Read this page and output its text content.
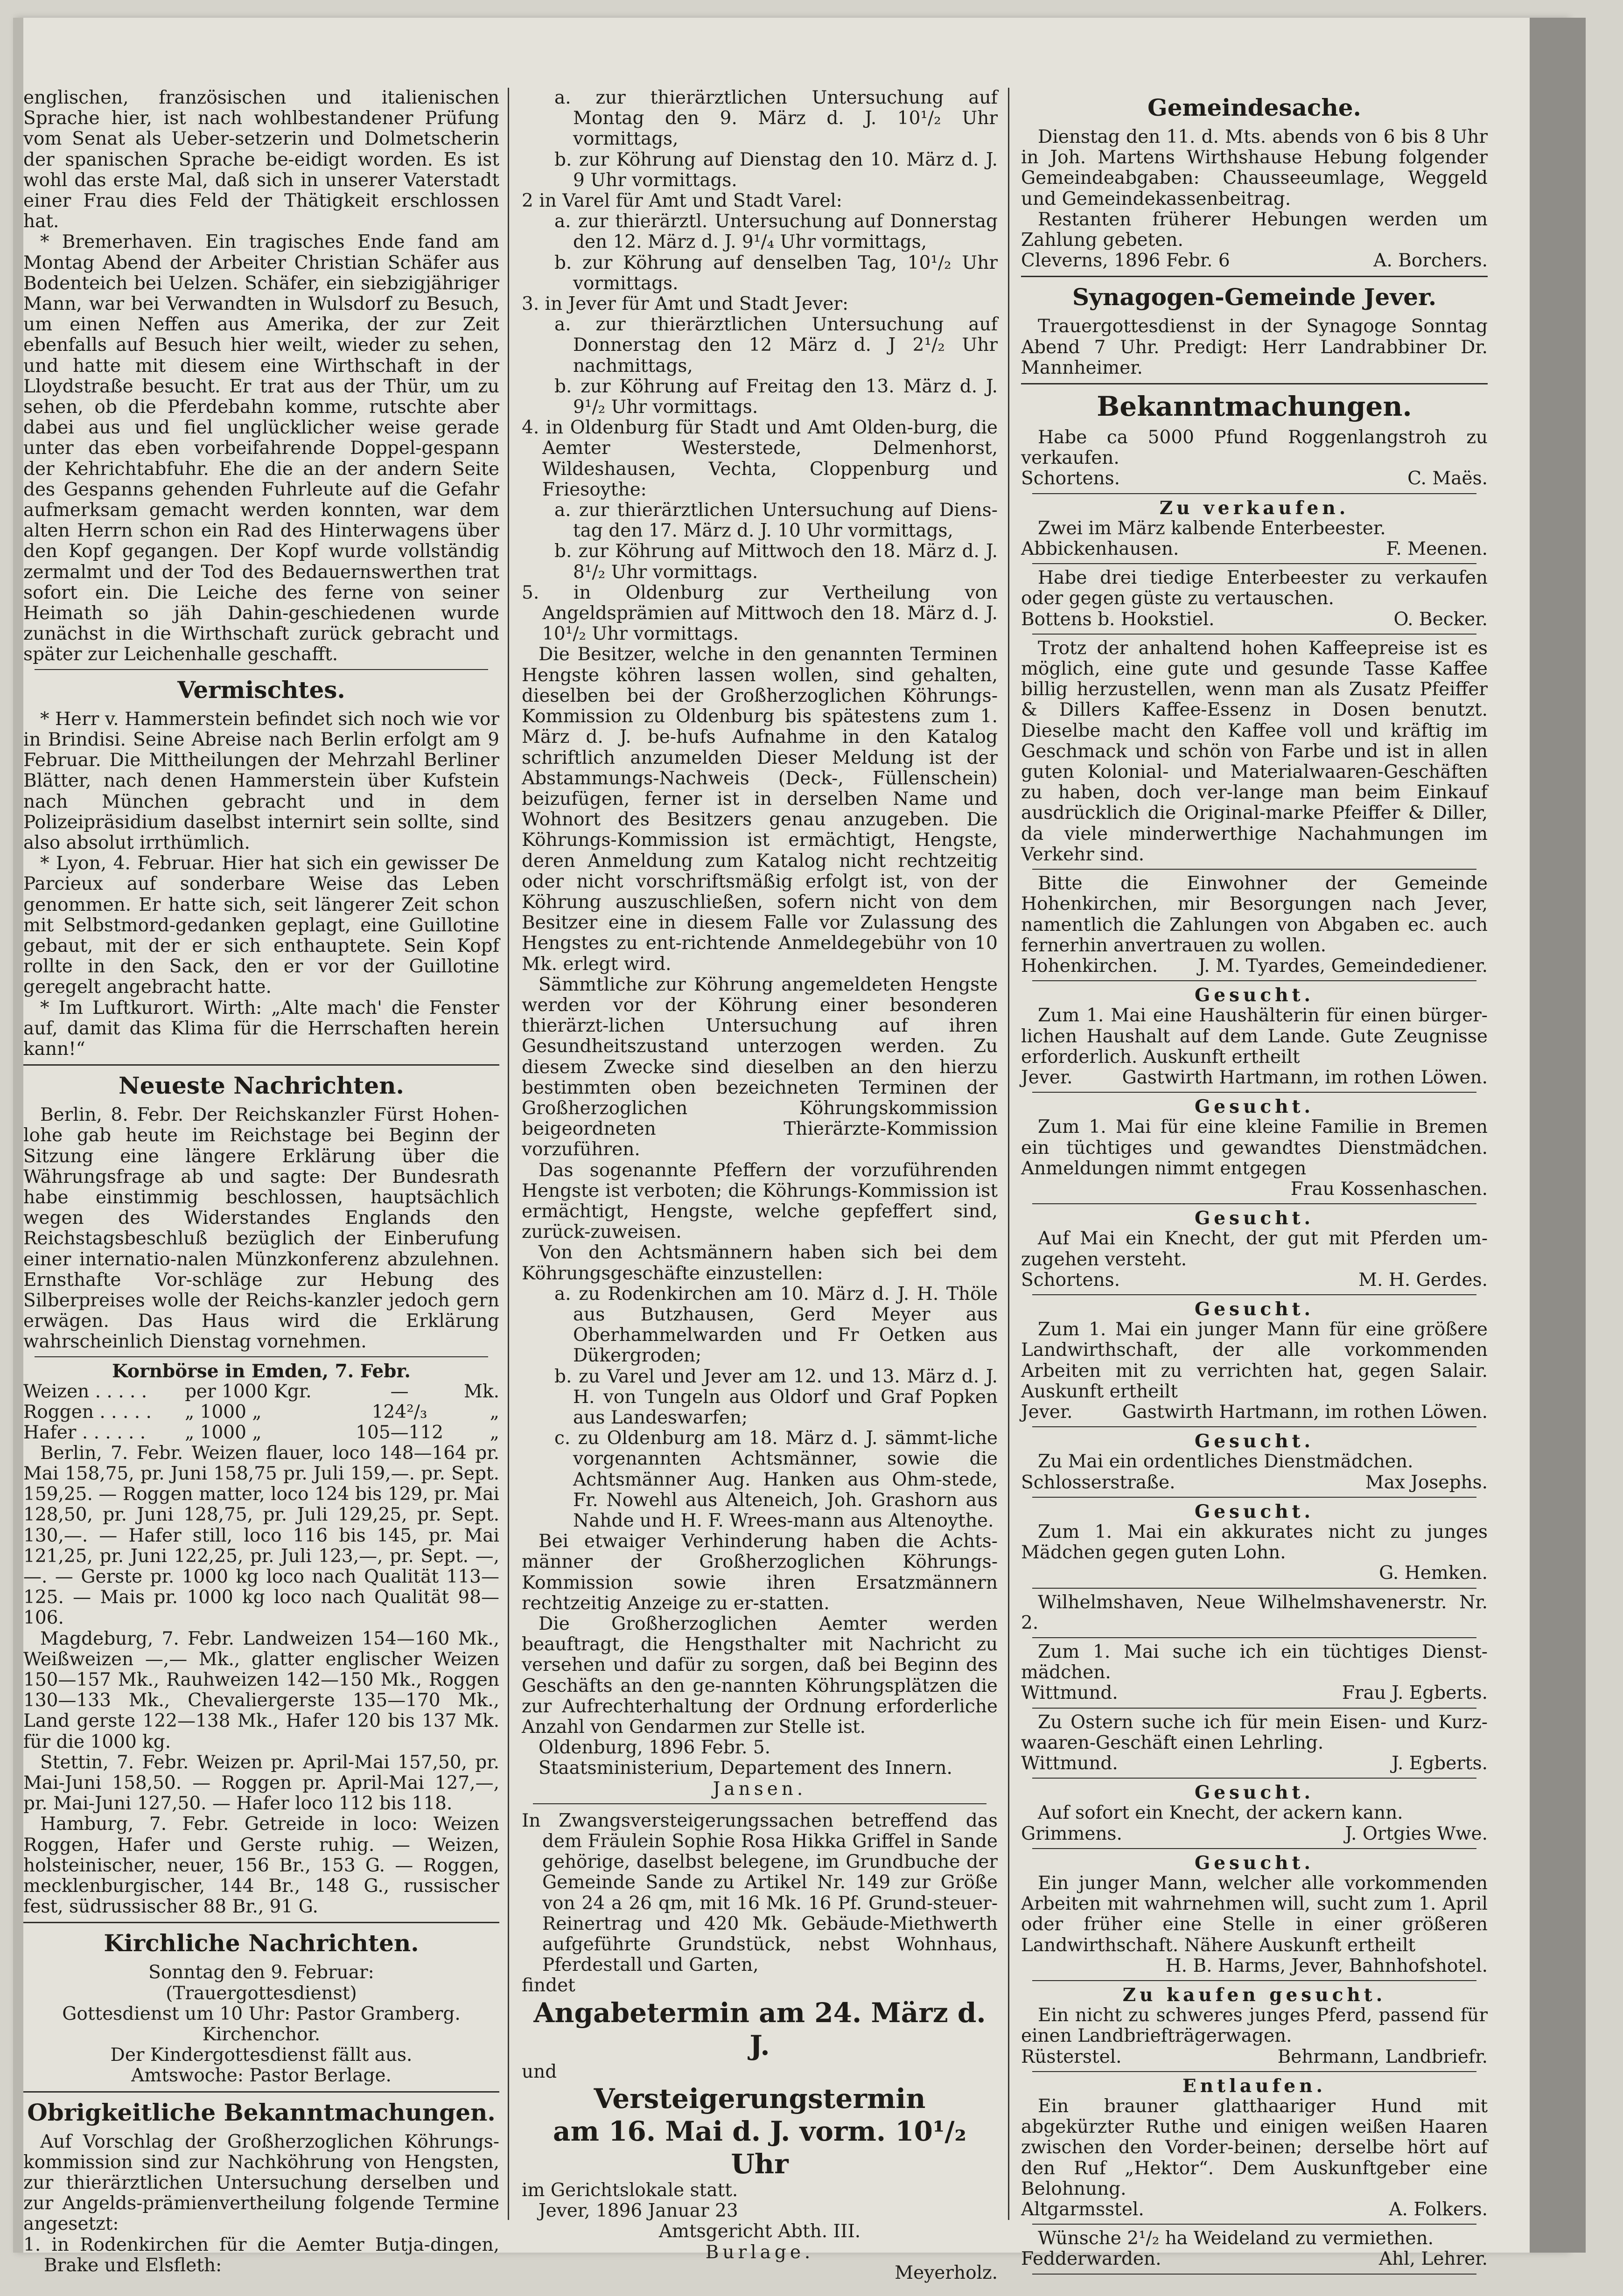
englischen, französischen und italienischen Sprache hier, ist nach wohlbestandener Prüfung vom Senat als Ueber-setzerin und Dolmetscherin der spanischen Sprache be-eidigt worden. Es ist wohl das erste Mal, daß sich in unserer Vaterstadt einer Frau dies Feld der Thätigkeit erschlossen hat.

* Bremerhaven. Ein tragisches Ende fand am Montag Abend der Arbeiter Christian Schäfer aus Bodenteich bei Uelzen. Schäfer, ein siebzigjähriger Mann, war bei Verwandten in Wulsdorf zu Besuch, um einen Neffen aus Amerika, der zur Zeit ebenfalls auf Besuch hier weilt, wieder zu sehen, und hatte mit diesem eine Wirthschaft in der Lloydstraße besucht. Er trat aus der Thür, um zu sehen, ob die Pferdebahn komme, rutschte aber dabei aus und fiel unglücklicher weise gerade unter das eben vorbeifahrende Doppel-gespann der Kehrichtabfuhr. Ehe die an der andern Seite des Gespanns gehenden Fuhrleute auf die Gefahr aufmerksam gemacht werden konnten, war dem alten Herrn schon ein Rad des Hinterwagens über den Kopf gegangen. Der Kopf wurde vollständig zermalmt und der Tod des Bedauernswerthen trat sofort ein. Die Leiche des ferne von seiner Heimath so jäh Dahin-geschiedenen wurde zunächst in die Wirthschaft zurück gebracht und später zur Leichenhalle geschafft.

Vermischtes.

* Herr v. Hammerstein befindet sich noch wie vor in Brindisi. Seine Abreise nach Berlin erfolgt am 9 Februar. Die Mittheilungen der Mehrzahl Berliner Blätter, nach denen Hammerstein über Kufstein nach München gebracht und in dem Polizeipräsidium daselbst internirt sein sollte, sind also absolut irrthümlich.

* Lyon, 4. Februar. Hier hat sich ein gewisser De Parcieux auf sonderbare Weise das Leben genommen. Er hatte sich, seit längerer Zeit schon mit Selbstmord-gedanken geplagt, eine Guillotine gebaut, mit der er sich enthauptete. Sein Kopf rollte in den Sack, den er vor der Guillotine geregelt angebracht hatte.

* Im Luftkurort. Wirth: „Alte mach' die Fenster auf, damit das Klima für die Herrschaften herein kann!“

Neueste Nachrichten.

Berlin, 8. Febr. Der Reichskanzler Fürst Hohen-lohe gab heute im Reichstage bei Beginn der Sitzung eine längere Erklärung über die Währungsfrage ab und sagte: Der Bundesrath habe einstimmig beschlossen, hauptsächlich wegen des Widerstandes Englands den Reichstagsbeschluß bezüglich der Einberufung einer internatio-nalen Münzkonferenz abzulehnen. Ernsthafte Vor-schläge zur Hebung des Silberpreises wolle der Reichs-kanzler jedoch gern erwägen. Das Haus wird die Erklärung wahrscheinlich Dienstag vornehmen.

Kornbörse in Emden, 7. Febr.

Weizen . . . . .	per 1000 Kgr.	—	Mk.
Roggen . . . . .	„ 1000 „	124²/₃	„
Hafer . . . . . .	„ 1000 „	105—112	„

Berlin, 7. Febr. Weizen flauer, loco 148—164 pr. Mai 158,75, pr. Juni 158,75 pr. Juli 159,—. pr. Sept. 159,25. — Roggen matter, loco 124 bis 129, pr. Mai 128,50, pr. Juni 128,75, pr. Juli 129,25, pr. Sept. 130,—. — Hafer still, loco 116 bis 145, pr. Mai 121,25, pr. Juni 122,25, pr. Juli 123,—, pr. Sept. —,—. — Gerste pr. 1000 kg loco nach Qualität 113—125. — Mais pr. 1000 kg loco nach Qualität 98—106.

Magdeburg, 7. Febr. Landweizen 154—160 Mk., Weißweizen —,— Mk., glatter englischer Weizen 150—157 Mk., Rauhweizen 142—150 Mk., Roggen 130—133 Mk., Chevaliergerste 135—170 Mk., Land gerste 122—138 Mk., Hafer 120 bis 137 Mk. für die 1000 kg.

Stettin, 7. Febr. Weizen pr. April-Mai 157,50, pr. Mai-Juni 158,50. — Roggen pr. April-Mai 127,—, pr. Mai-Juni 127,50. — Hafer loco 112 bis 118.

Hamburg, 7. Febr. Getreide in loco: Weizen Roggen, Hafer und Gerste ruhig. — Weizen, holsteinischer, neuer, 156 Br., 153 G. — Roggen, mecklenburgischer, 144 Br., 148 G., russischer fest, südrussischer 88 Br., 91 G.

Kirchliche Nachrichten.

Sonntag den 9. Februar:

(Trauergottesdienst)

Gottesdienst um 10 Uhr: Pastor Gramberg.

Kirchenchor.

Der Kindergottesdienst fällt aus.

Amtswoche: Pastor Berlage.

Obrigkeitliche Bekanntmachungen.

Auf Vorschlag der Großherzoglichen Köhrungs-kommission sind zur Nachköhrung von Hengsten, zur thierärztlichen Untersuchung derselben und zur Angelds-prämienvertheilung folgende Termine angesetzt:

1. in Rodenkirchen für die Aemter Butja-dingen, Brake und Elsfleth:

a. zur thierärztlichen Untersuchung auf Montag den 9. März d. J. 10¹/₂ Uhr vormittags,

b. zur Köhrung auf Dienstag den 10. März d. J. 9 Uhr vormittags.

2 in Varel für Amt und Stadt Varel:

a. zur thierärztl. Untersuchung auf Donnerstag den 12. März d. J. 9¹/₄ Uhr vormittags,

b. zur Köhrung auf denselben Tag, 10¹/₂ Uhr vormittags.

3. in Jever für Amt und Stadt Jever:

a. zur thierärztlichen Untersuchung auf Donnerstag den 12 März d. J 2¹/₂ Uhr nachmittags,

b. zur Köhrung auf Freitag den 13. März d. J. 9¹/₂ Uhr vormittags.

4. in Oldenburg für Stadt und Amt Olden-burg, die Aemter Westerstede, Delmenhorst, Wildeshausen, Vechta, Cloppenburg und Friesoythe:

a. zur thierärztlichen Untersuchung auf Diens-tag den 17. März d. J. 10 Uhr vormittags,

b. zur Köhrung auf Mittwoch den 18. März d. J. 8¹/₂ Uhr vormittags.

5. in Oldenburg zur Vertheilung von Angeldsprämien auf Mittwoch den 18. März d. J. 10¹/₂ Uhr vormittags.

Die Besitzer, welche in den genannten Terminen Hengste köhren lassen wollen, sind gehalten, dieselben bei der Großherzoglichen Köhrungs-Kommission zu Oldenburg bis spätestens zum 1. März d. J. be-hufs Aufnahme in den Katalog schriftlich anzumelden Dieser Meldung ist der Abstammungs-Nachweis (Deck-, Füllenschein) beizufügen, ferner ist in derselben Name und Wohnort des Besitzers genau anzugeben. Die Köhrungs-Kommission ist ermächtigt, Hengste, deren Anmeldung zum Katalog nicht rechtzeitig oder nicht vorschriftsmäßig erfolgt ist, von der Köhrung auszuschließen, sofern nicht von dem Besitzer eine in diesem Falle vor Zulassung des Hengstes zu ent-richtende Anmeldegebühr von 10 Mk. erlegt wird.

Sämmtliche zur Köhrung angemeldeten Hengste werden vor der Köhrung einer besonderen thierärzt-lichen Untersuchung auf ihren Gesundheitszustand unterzogen werden. Zu diesem Zwecke sind dieselben an den hierzu bestimmten oben bezeichneten Terminen der Großherzoglichen Köhrungskommission beigeordneten Thierärzte-Kommission vorzuführen.

Das sogenannte Pfeffern der vorzuführenden Hengste ist verboten; die Köhrungs-Kommission ist ermächtigt, Hengste, welche gepfeffert sind, zurück-zuweisen.

Von den Achtsmännern haben sich bei dem Köhrungsgeschäfte einzustellen:

a. zu Rodenkirchen am 10. März d. J. H. Thöle aus Butzhausen, Gerd Meyer aus Oberhammelwarden und Fr Oetken aus Dükergroden;

b. zu Varel und Jever am 12. und 13. März d. J. H. von Tungeln aus Oldorf und Graf Popken aus Landeswarfen;

c. zu Oldenburg am 18. März d. J. sämmt-liche vorgenannten Achtsmänner, sowie die Achtsmänner Aug. Hanken aus Ohm-stede, Fr. Nowehl aus Alteneich, Joh. Grashorn aus Nahde und H. F. Wrees-mann aus Altenoythe.

Bei etwaiger Verhinderung haben die Achts-männer der Großherzoglichen Köhrungs-Kommission sowie ihren Ersatzmännern rechtzeitig Anzeige zu er-statten.

Die Großherzoglichen Aemter werden beauftragt, die Hengsthalter mit Nachricht zu versehen und dafür zu sorgen, daß bei Beginn des Geschäfts an den ge-nannten Köhrungsplätzen die zur Aufrechterhaltung der Ordnung erforderliche Anzahl von Gendarmen zur Stelle ist.

Oldenburg, 1896 Febr. 5.

Staatsministerium, Departement des Innern.

Jansen.

In Zwangsversteigerungssachen betreffend das dem Fräulein Sophie Rosa Hikka Griffel in Sande gehörige, daselbst belegene, im Grundbuche der Gemeinde Sande zu Artikel Nr. 149 zur Größe von 24 a 26 qm, mit 16 Mk. 16 Pf. Grund-steuer-Reinertrag und 420 Mk. Gebäude-Miethwerth aufgeführte Grundstück, nebst Wohnhaus, Pferdestall und Garten,

findet

Angabetermin am 24. März d. J.

und

Versteigerungstermin

am 16. Mai d. J. vorm. 10¹/₂ Uhr

im Gerichtslokale statt.

Jever, 1896 Januar 23

Amtsgericht Abth. III.

Burlage.

Meyerholz.

Gemeindesache.

Dienstag den 11. d. Mts. abends von 6 bis 8 Uhr in Joh. Martens Wirthshause Hebung folgender Gemeindeabgaben: Chausseeumlage, Weggeld und Gemeindekassenbeitrag.

Restanten früherer Hebungen werden um Zahlung gebeten.

Cleverns, 1896 Febr. 6	A. Borchers.
Synagogen-Gemeinde Jever.

Trauergottesdienst in der Synagoge Sonntag Abend 7 Uhr. Predigt: Herr Landrabbiner Dr. Mannheimer.

Bekanntmachungen.

Habe ca 5000 Pfund Roggenlangstroh zu verkaufen.

Schortens.	C. Maës.

Zu verkaufen.

Zwei im März kalbende Enterbeester.

Abbickenhausen.	F. Meenen.

Habe drei tiedige Enterbeester zu verkaufen oder gegen güste zu vertauschen.

Bottens b. Hookstiel.	O. Becker.

Trotz der anhaltend hohen Kaffeepreise ist es möglich, eine gute und gesunde Tasse Kaffee billig herzustellen, wenn man als Zusatz Pfeiffer & Dillers Kaffee-Essenz in Dosen benutzt. Dieselbe macht den Kaffee voll und kräftig im Geschmack und schön von Farbe und ist in allen guten Kolonial- und Materialwaaren-Geschäften zu haben, doch ver-lange man beim Einkauf ausdrücklich die Original-marke Pfeiffer & Diller, da viele minderwerthige Nachahmungen im Verkehr sind.

Bitte die Einwohner der Gemeinde Hohenkirchen, mir Besorgungen nach Jever, namentlich die Zahlungen von Abgaben ec. auch fernerhin anvertrauen zu wollen.

Hohenkirchen. J. M. Tyardes, Gemeindediener.

Gesucht.

Zum 1. Mai eine Haushälterin für einen bürger-lichen Haushalt auf dem Lande. Gute Zeugnisse erforderlich. Auskunft ertheilt

Jever.	Gastwirth Hartmann, im rothen Löwen.

Gesucht.

Zum 1. Mai für eine kleine Familie in Bremen ein tüchtiges und gewandtes Dienstmädchen. Anmeldungen nimmt entgegen

Frau Kossenhaschen.

Gesucht.

Auf Mai ein Knecht, der gut mit Pferden um-zugehen versteht.

Schortens.	M. H. Gerdes.

Gesucht.

Zum 1. Mai ein junger Mann für eine größere Landwirthschaft, der alle vorkommenden Arbeiten mit zu verrichten hat, gegen Salair. Auskunft ertheilt

Jever.	Gastwirth Hartmann, im rothen Löwen.

Gesucht.

Zu Mai ein ordentliches Dienstmädchen.

Schlosserstraße.	Max Josephs.

Gesucht.

Zum 1. Mai ein akkurates nicht zu junges Mädchen gegen guten Lohn.

G. Hemken.

Wilhelmshaven, Neue Wilhelmshavenerstr. Nr. 2.

Zum 1. Mai suche ich ein tüchtiges Dienst-mädchen.

Wittmund.	Frau J. Egberts.

Zu Ostern suche ich für mein Eisen- und Kurz-waaren-Geschäft einen Lehrling.

Wittmund.	J. Egberts.

Gesucht.

Auf sofort ein Knecht, der ackern kann.

Grimmens.	J. Ortgies Wwe.

Gesucht.

Ein junger Mann, welcher alle vorkommenden Arbeiten mit wahrnehmen will, sucht zum 1. April oder früher eine Stelle in einer größeren Landwirthschaft. Nähere Auskunft ertheilt

H. B. Harms, Jever, Bahnhofshotel.

Zu kaufen gesucht.

Ein nicht zu schweres junges Pferd, passend für einen Landbriefträgerwagen.

Rüsterstel.	Behrmann, Landbriefr.

Entlaufen.

Ein brauner glatthaariger Hund mit abgekürzter Ruthe und einigen weißen Haaren zwischen den Vorder-beinen; derselbe hört auf den Ruf „Hektor“. Dem Auskunftgeber eine Belohnung.

Altgarmsstel.	A. Folkers.

Wünsche 2¹/₂ ha Weideland zu vermiethen.

Fedderwarden.	Ahl, Lehrer.
